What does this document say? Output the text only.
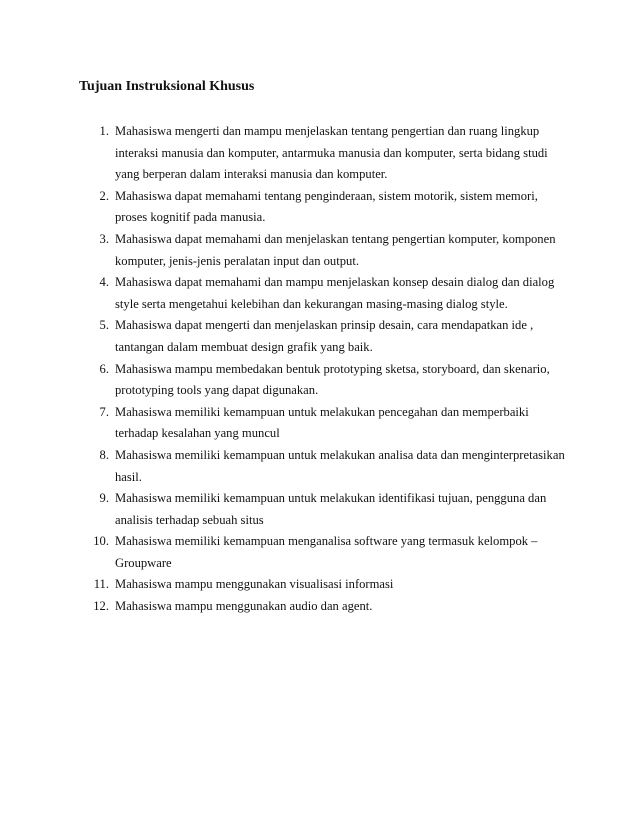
Tujuan Instruksional Khusus
1. Mahasiswa mengerti dan mampu menjelaskan tentang pengertian dan ruang lingkup
interaksi manusia dan komputer, antarmuka manusia dan komputer, serta bidang studi
yang berperan dalam interaksi manusia dan komputer.
2. Mahasiswa dapat memahami tentang penginderaan, sistem motorik, sistem memori,
proses kognitif pada manusia.
3. Mahasiswa dapat memahami dan menjelaskan tentang pengertian komputer, komponen
komputer, jenis-jenis peralatan input dan output.
4. Mahasiswa dapat memahami dan mampu menjelaskan konsep desain dialog dan dialog
style serta mengetahui kelebihan dan kekurangan masing-masing dialog style.
5. Mahasiswa dapat mengerti dan menjelaskan prinsip desain, cara mendapatkan ide ,
tantangan dalam membuat design grafik yang baik.
6. Mahasiswa mampu membedakan bentuk prototyping sketsa, storyboard, dan skenario,
prototyping tools yang dapat digunakan.
7. Mahasiswa memiliki kemampuan untuk melakukan pencegahan dan memperbaiki
terhadap kesalahan yang muncul
8. Mahasiswa memiliki kemampuan untuk melakukan analisa data dan menginterpretasikan
hasil.
9. Mahasiswa memiliki kemampuan untuk melakukan identifikasi tujuan, pengguna dan
analisis terhadap sebuah situs
10. Mahasiswa memiliki kemampuan menganalisa software yang termasuk kelompok –
Groupware
11. Mahasiswa mampu menggunakan visualisasi informasi
12. Mahasiswa mampu menggunakan audio dan agent.
